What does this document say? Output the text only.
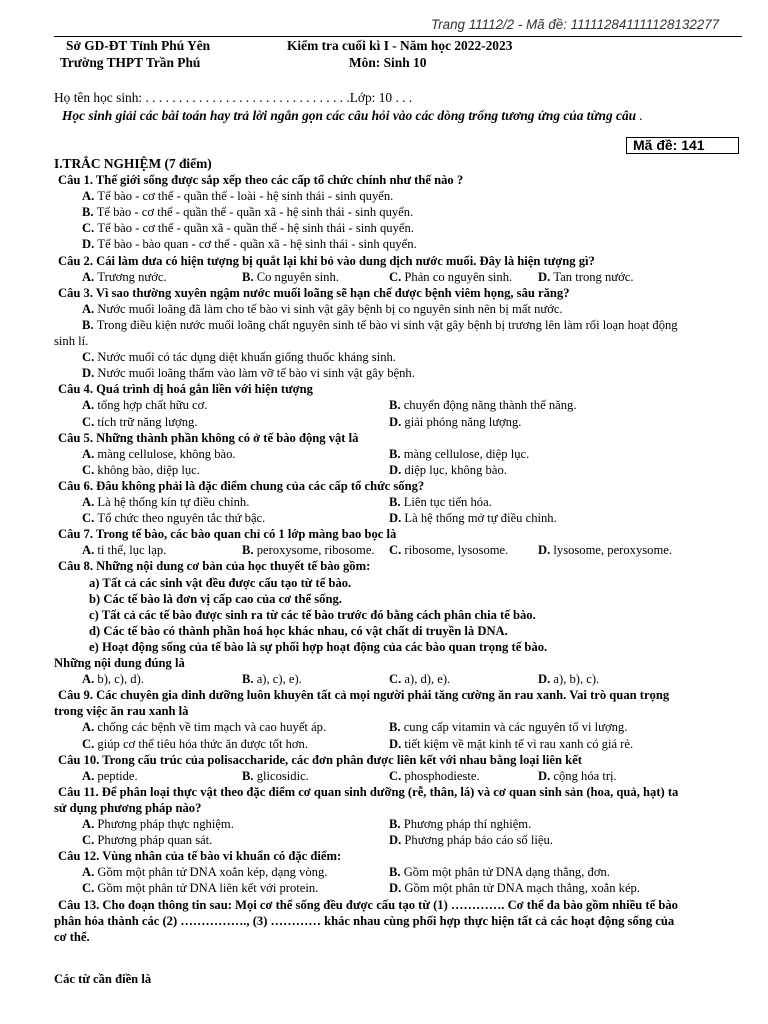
Trang 11112/2 - Mã đề: 111112841111128132277
Sở GD-ĐT Tỉnh Phú Yên
Trường THPT Trần Phú
Kiểm tra cuối kì I - Năm học 2022-2023
Môn: Sinh 10
Họ tên học sinh: . . . . . . . . . . . . . . . . . . . . . . . . . . . . . . .Lớp: 10 . . .
Học sinh giải các bài toán hay trả lời ngắn gọn các câu hỏi vào các dòng trống tương ứng của từng câu .
Mã đề: 141
I.TRẮC NGHIỆM (7 điểm)
Câu 1. Thế giới sống được sắp xếp theo các cấp tổ chức chính như thế nào ?
A. Tế bào - cơ thể - quần thể - loài - hệ sinh thái - sinh quyển.
B. Tế bào - cơ thể - quần thể - quần xã - hệ sinh thái - sinh quyển.
C. Tế bào - cơ thể - quần xã - quần thể - hệ sinh thái - sinh quyển.
D. Tế bào - bào quan - cơ thể - quần xã - hệ sinh thái - sinh quyển.
Câu 2. Cái làm dưa có hiện tượng bị quắt lại khi bỏ vào dung dịch nước muối. Đây là hiện tượng gì?
A. Trương nước.	B. Co nguyên sinh.	C. Phản co nguyên sinh. D. Tan trong nước.
Câu 3. Vì sao thường xuyên ngậm nước muối loãng sẽ hạn chế được bệnh viêm họng, sâu răng?
A. Nước muối loãng đã làm cho tế bào vi sinh vật gây bệnh bị co nguyên sinh nên bị mất nước.
B. Trong điều kiện nước muối loãng chất nguyên sinh tế bào vi sinh vật gây bệnh bị trương lên làm rối loạn hoạt động
sinh lí.
C. Nước muối có tác dụng diệt khuẩn giống thuốc kháng sinh.
D. Nước muối loãng thấm vào làm vỡ tế bào vi sinh vật gây bệnh.
Câu 4. Quá trình dị hoá gắn liền với hiện tượng
A. tổng hợp chất hữu cơ.	B. chuyển động năng thành thế năng.
C. tích trữ năng lượng.	D. giải phóng năng lượng.
Câu 5. Những thành phần không có ở tế bào động vật là
A. màng cellulose, không bào.	B. màng cellulose, diệp lục.
C. không bào, diệp lục.	D. diệp lục, không bào.
Câu 6. Đâu không phải là đặc điểm chung của các cấp tổ chức sống?
A. Là hệ thống kín tự điều chỉnh.	B. Liên tục tiến hóa.
C. Tổ chức theo nguyên tắc thứ bậc.	D. Là hệ thống mở tự điều chỉnh.
Câu 7. Trong tế bào, các bào quan chỉ có 1 lớp màng bao bọc là
A. ti thể, lục lạp.	B. peroxysome, ribosome. C. ribosome, lysosome. D. lysosome, peroxysome.
Câu 8. Những nội dung cơ bản của học thuyết tế bào gồm:
a) Tất cả các sinh vật đều được cấu tạo từ tế bào.
b) Các tế bào là đơn vị cấp cao của cơ thể sống.
c) Tất cả các tế bào được sinh ra từ các tế bào trước đó bằng cách phân chia tế bào.
d) Các tế bào có thành phần hoá học khác nhau, có vật chất di truyền là DNA.
e) Hoạt động sống của tế bào là sự phối hợp hoạt động của các bào quan trọng tế bào.
Những nội dung đúng là
A. b), c), d).	B. a), c), e).	C. a), d), e).	D. a), b), c).
Câu 9. Các chuyên gia dinh dưỡng luôn khuyên tất cả mọi người phải tăng cường ăn rau xanh. Vai trò quan trọng
trong việc ăn rau xanh là
A. chống các bệnh về tim mạch và cao huyết áp.	B. cung cấp vitamin và các nguyên tố vi lượng.
C. giúp cơ thể tiêu hóa thức ăn được tốt hơn.	D. tiết kiệm về mặt kinh tế vì rau xanh có giá rẻ.
Câu 10. Trong cấu trúc của polisaccharide, các đơn phân được liên kết với nhau bằng loại liên kết
A. peptide.	B. glicosidic.	C. phosphodieste.	D. cộng hóa trị.
Câu 11. Để phân loại thực vật theo đặc điểm cơ quan sinh dưỡng (rễ, thân, lá) và cơ quan sinh sản (hoa, quả, hạt) ta
sử dụng phương pháp nào?
A. Phương pháp thực nghiệm.	B. Phương pháp thí nghiệm.
C. Phương pháp quan sát.	D. Phương pháp báo cáo số liệu.
Câu 12. Vùng nhân của tế bào vi khuẩn có đặc điểm:
A. Gồm một phân tử DNA xoắn kép, dạng vòng.	B. Gồm một phân tử DNA dạng thẳng, đơn.
C. Gồm một phân tử DNA liên kết với protein.	D. Gồm một phân tử DNA mạch thẳng, xoắn kép.
Câu 13. Cho đoạn thông tin sau: Mọi cơ thể sống đều được cấu tạo từ (1) …………. Cơ thể đa bào gồm nhiều tế bào
phân hóa thành các (2) ……………., (3) ………… khác nhau cùng phối hợp thực hiện tất cả các hoạt động sống của
cơ thể.
Các từ cần điền là
